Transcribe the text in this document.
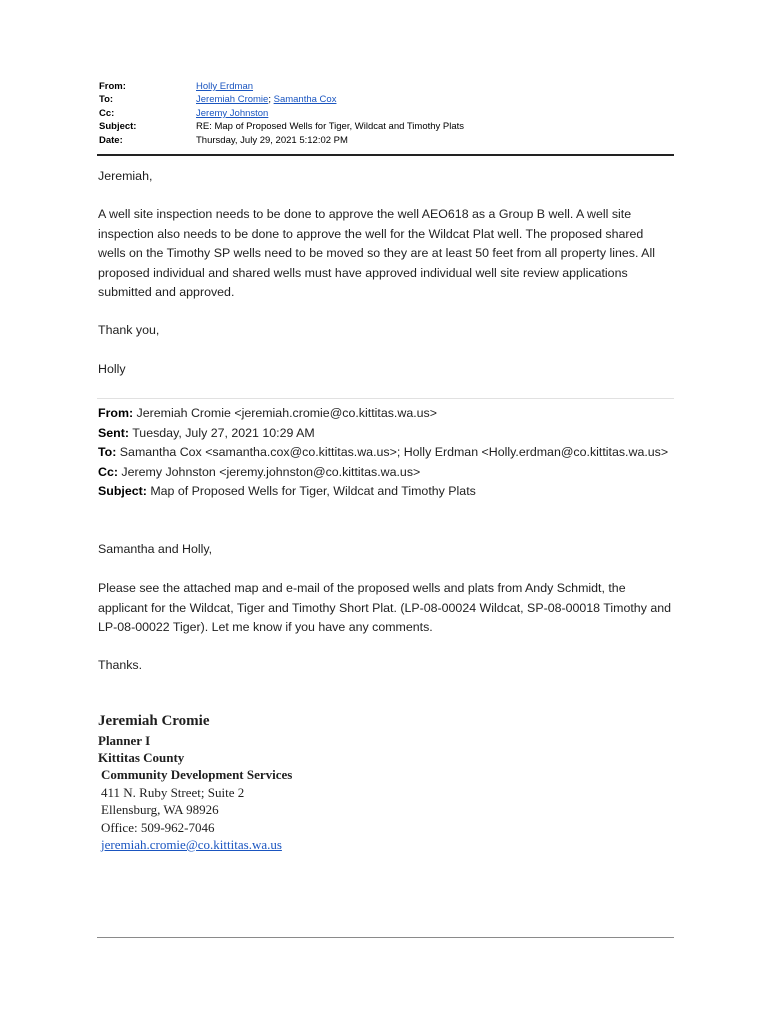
From:	Holly Erdman
To:	Jeremiah Cromie; Samantha Cox
Cc:	Jeremy Johnston
Subject:	RE: Map of Proposed Wells for Tiger, Wildcat and Timothy Plats
Date:	Thursday, July 29, 2021 5:12:02 PM
Jeremiah,
A well site inspection needs to be done to approve the well AEO618 as a Group B well. A well site inspection also needs to be done to approve the well for the Wildcat Plat well. The proposed shared wells on the Timothy SP wells need to be moved so they are at least 50 feet from all property lines. All proposed individual and shared wells must have approved individual well site review applications submitted and approved.
Thank you,
Holly
From: Jeremiah Cromie <jeremiah.cromie@co.kittitas.wa.us>
Sent: Tuesday, July 27, 2021 10:29 AM
To: Samantha Cox <samantha.cox@co.kittitas.wa.us>; Holly Erdman <Holly.erdman@co.kittitas.wa.us>
Cc: Jeremy Johnston <jeremy.johnston@co.kittitas.wa.us>
Subject: Map of Proposed Wells for Tiger, Wildcat and Timothy Plats
Samantha and Holly,
Please see the attached map and e-mail of the proposed wells and plats from Andy Schmidt, the applicant for the Wildcat, Tiger and Timothy Short Plat. (LP-08-00024 Wildcat, SP-08-00018 Timothy and LP-08-00022 Tiger). Let me know if you have any comments.
Thanks.
Jeremiah Cromie
Planner I
Kittitas County
Community Development Services
411 N. Ruby Street; Suite 2
Ellensburg, WA 98926
Office: 509-962-7046
jeremiah.cromie@co.kittitas.wa.us
